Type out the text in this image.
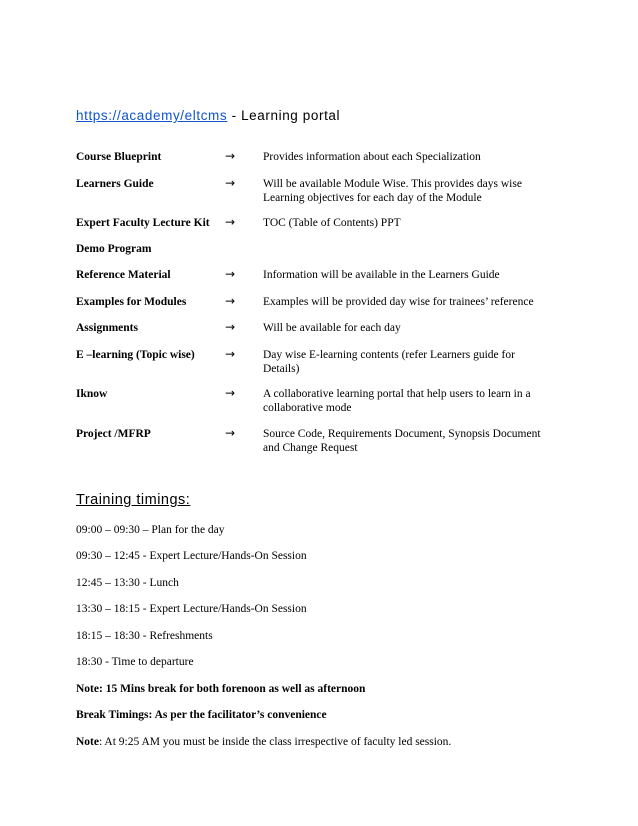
https://academy/eltcms - Learning portal
Course Blueprint	→ Provides information about each Specialization
Learners Guide	→ Will be available Module Wise. This provides days wise Learning objectives for each day of the Module
Expert Faculty Lecture Kit → TOC (Table of Contents) PPT
Demo Program
Reference Material	→ Information will be available in the Learners Guide
Examples for Modules	→ Examples will be provided day wise for trainees’ reference
Assignments	→ Will be available for each day
E –learning (Topic wise)	→ Day wise E-learning contents (refer Learners guide for Details)
Iknow	→ A collaborative learning portal that help users to learn in a collaborative mode
Project /MFRP	→ Source Code, Requirements Document, Synopsis Document and Change Request
Training timings:
09:00 – 09:30 – Plan for the day
09:30 – 12:45 - Expert Lecture/Hands-On Session
12:45 – 13:30 - Lunch
13:30 – 18:15 - Expert Lecture/Hands-On Session
18:15 – 18:30 - Refreshments
18:30 - Time to departure
Note: 15 Mins break for both forenoon as well as afternoon
Break Timings: As per the facilitator’s convenience
Note: At 9:25 AM you must be inside the class irrespective of faculty led session.
